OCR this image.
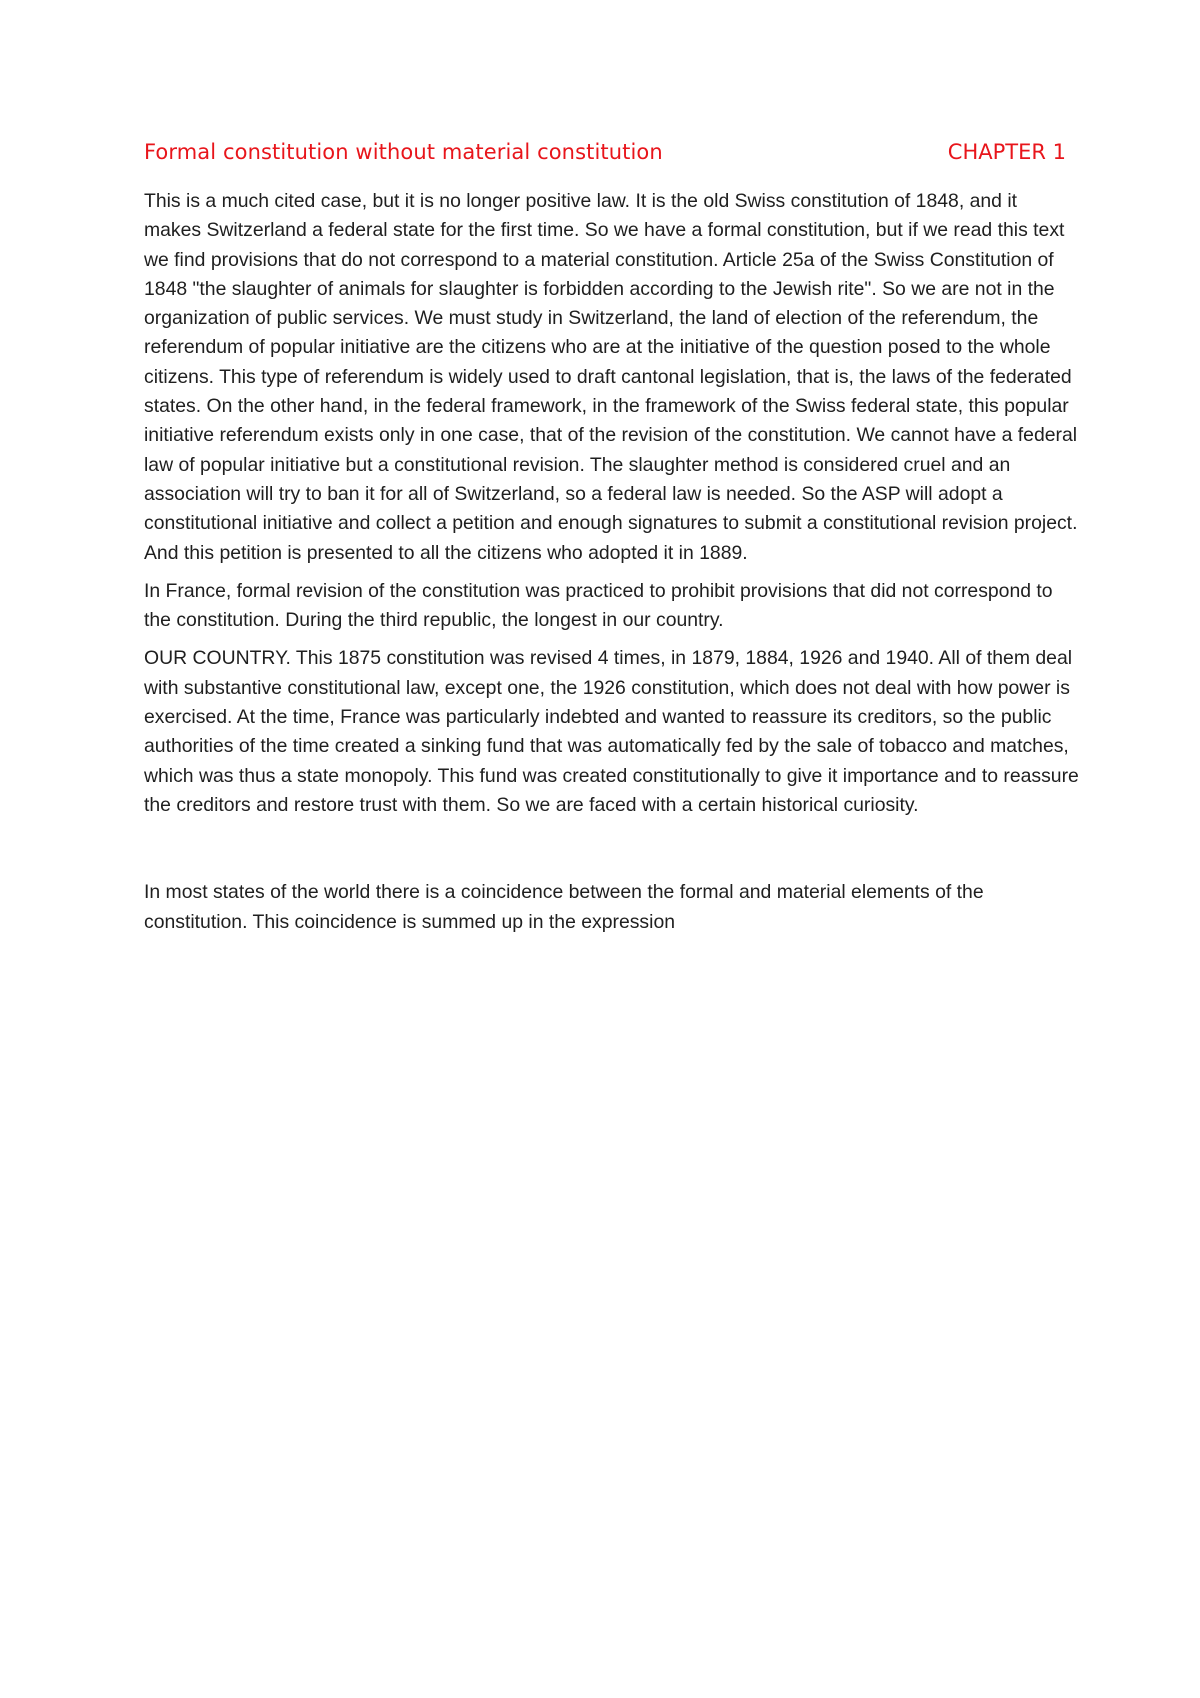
Formal constitution without material constitution	CHAPTER 1

This is a much cited case, but it is no longer positive law. It is the old Swiss constitution of 1848, and it makes Switzerland a federal state for the first time. So we have a formal constitution, but if we read this text we find provisions that do not correspond to a material constitution. Article 25a of the Swiss Constitution of 1848 "the slaughter of animals for slaughter is forbidden according to the Jewish rite". So we are not in the organization of public services. We must study in Switzerland, the land of election of the referendum, the referendum of popular initiative are the citizens who are at the initiative of the question posed to the whole citizens. This type of referendum is widely used to draft cantonal legislation, that is, the laws of the federated states. On the other hand, in the federal framework, in the framework of the Swiss federal state, this popular initiative referendum exists only in one case, that of the revision of the constitution. We cannot have a federal law of popular initiative but a constitutional revision. The slaughter method is considered cruel and an association will try to ban it for all of Switzerland, so a federal law is needed. So the ASP will adopt a constitutional initiative and collect a petition and enough signatures to submit a constitutional revision project. And this petition is presented to all the citizens who adopted it in 1889.

In France, formal revision of the constitution was practiced to prohibit provisions that did not correspond to the constitution. During the third republic, the longest in our country.

OUR COUNTRY. This 1875 constitution was revised 4 times, in 1879, 1884, 1926 and 1940. All of them deal with substantive constitutional law, except one, the 1926 constitution, which does not deal with how power is exercised. At the time, France was particularly indebted and wanted to reassure its creditors, so the public authorities of the time created a sinking fund that was automatically fed by the sale of tobacco and matches, which was thus a state monopoly. This fund was created constitutionally to give it importance and to reassure the creditors and restore trust with them. So we are faced with a certain historical curiosity.

In most states of the world there is a coincidence between the formal and material elements of the constitution. This coincidence is summed up in the expression
